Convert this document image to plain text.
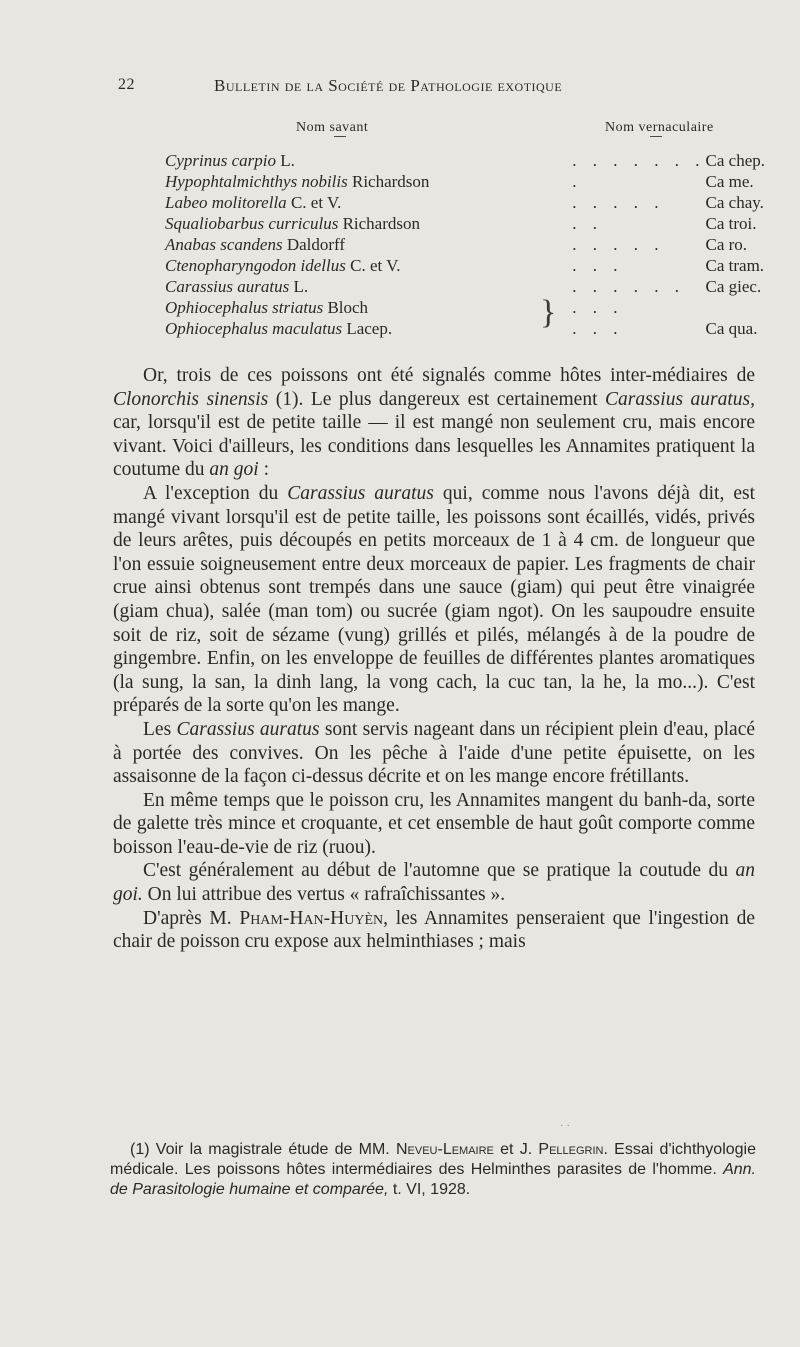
22	Bulletin de la Société de Pathologie exotique
Nom savant	Nom vernaculaire
Cyprinus carpio L.	. . . . . . .	Ca chep.
Hypophtalmichthys nobilis Richardson	.	Ca me.
Labeo molitorella C. et V.	. . . . .	Ca chay.
Squaliobarbus curriculus Richardson	. .	Ca troi.
Anabas scandens Daldorff	. . . . .	Ca ro.
Ctenopharyngodon idellus C. et V.	. . .	Ca tram.
Carassius auratus L.	. . . . . .	Ca giec.
Ophiocephalus striatus Bloch	. . .	
Ophiocephalus maculatus Lacep.	. . .	Ca qua.
}

Or, trois de ces poissons ont été signalés comme hôtes inter-médiaires de Clonorchis sinensis (1). Le plus dangereux est certainement Carassius auratus, car, lorsqu'il est de petite taille — il est mangé non seulement cru, mais encore vivant. Voici d'ailleurs, les conditions dans lesquelles les Annamites pratiquent la coutume du an goi :

A l'exception du Carassius auratus qui, comme nous l'avons déjà dit, est mangé vivant lorsqu'il est de petite taille, les poissons sont écaillés, vidés, privés de leurs arêtes, puis découpés en petits morceaux de 1 à 4 cm. de longueur que l'on essuie soigneusement entre deux morceaux de papier. Les fragments de chair crue ainsi obtenus sont trempés dans une sauce (giam) qui peut être vinaigrée (giam chua), salée (man tom) ou sucrée (giam ngot). On les saupoudre ensuite soit de riz, soit de sézame (vung) grillés et pilés, mélangés à de la poudre de gingembre. Enfin, on les enveloppe de feuilles de différentes plantes aromatiques (la sung, la san, la dinh lang, la vong cach, la cuc tan, la he, la mo...). C'est préparés de la sorte qu'on les mange.

Les Carassius auratus sont servis nageant dans un récipient plein d'eau, placé à portée des convives. On les pêche à l'aide d'une petite épuisette, on les assaisonne de la façon ci-dessus décrite et on les mange encore frétillants.

En même temps que le poisson cru, les Annamites mangent du banh-da, sorte de galette très mince et croquante, et cet ensemble de haut goût comporte comme boisson l'eau-de-vie de riz (ruou).

C'est généralement au début de l'automne que se pratique la coutude du an goi. On lui attribue des vertus « rafraîchissantes ».

D'après M. Pham-Han-Huyèn, les Annamites penseraient que l'ingestion de chair de poisson cru expose aux helminthiases ; mais

· ·

(1) Voir la magistrale étude de MM. Neveu-Lemaire et J. Pellegrin. Essai d'ichthyologie médicale. Les poissons hôtes intermédiaires des Helminthes parasites de l'homme. Ann. de Parasitologie humaine et comparée, t. VI, 1928.
